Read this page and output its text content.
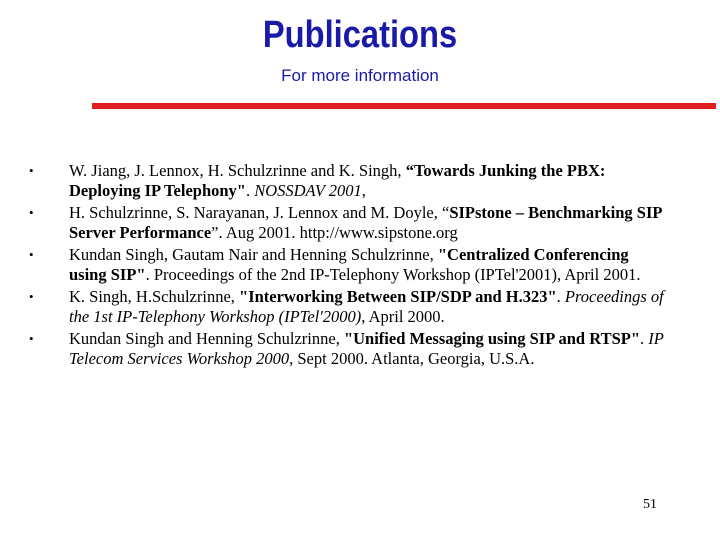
Publications
For more information
• W. Jiang, J. Lennox, H. Schulzrinne and K. Singh, “Towards Junking the PBX: Deploying IP Telephony". NOSSDAV 2001,
• H. Schulzrinne, S. Narayanan, J. Lennox and M. Doyle, “SIPstone – Benchmarking SIP Server Performance”. Aug 2001. http://www.sipstone.org
• Kundan Singh, Gautam Nair and Henning Schulzrinne, "Centralized Conferencing using SIP". Proceedings of the 2nd IP-Telephony Workshop (IPTel'2001), April 2001.
• K. Singh, H.Schulzrinne, "Interworking Between SIP/SDP and H.323". Proceedings of the 1st IP-Telephony Workshop (IPTel'2000), April 2000.
• Kundan Singh and Henning Schulzrinne, "Unified Messaging using SIP and RTSP". IP Telecom Services Workshop 2000, Sept 2000. Atlanta, Georgia, U.S.A.
51
